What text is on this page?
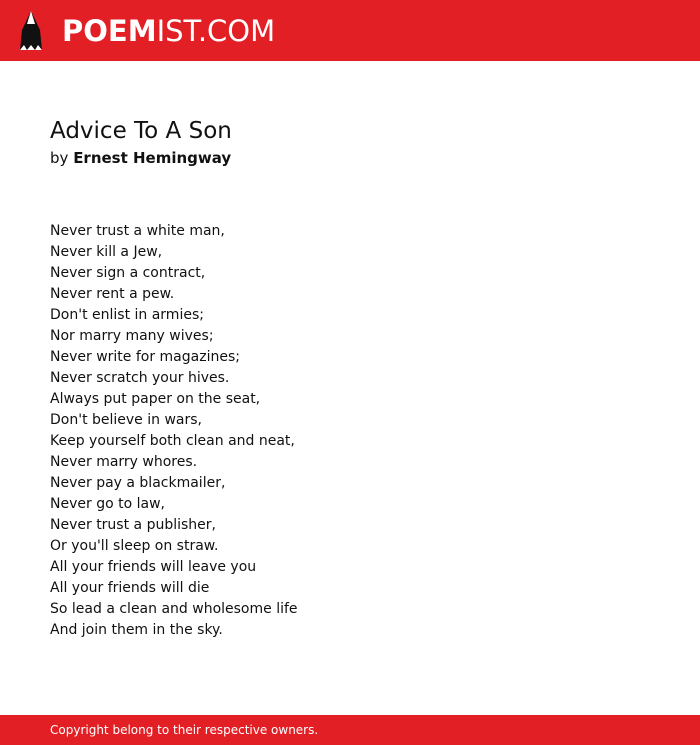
POEMIST.COM
Advice To A Son

by Ernest Hemingway

Never trust a white man,
Never kill a Jew,
Never sign a contract,
Never rent a pew.
Don't enlist in armies;
Nor marry many wives;
Never write for magazines;
Never scratch your hives.
Always put paper on the seat,
Don't believe in wars,
Keep yourself both clean and neat,
Never marry whores.
Never pay a blackmailer,
Never go to law,
Never trust a publisher,
Or you'll sleep on straw.
All your friends will leave you
All your friends will die
So lead a clean and wholesome life
And join them in the sky.
Copyright belong to their respective owners.
